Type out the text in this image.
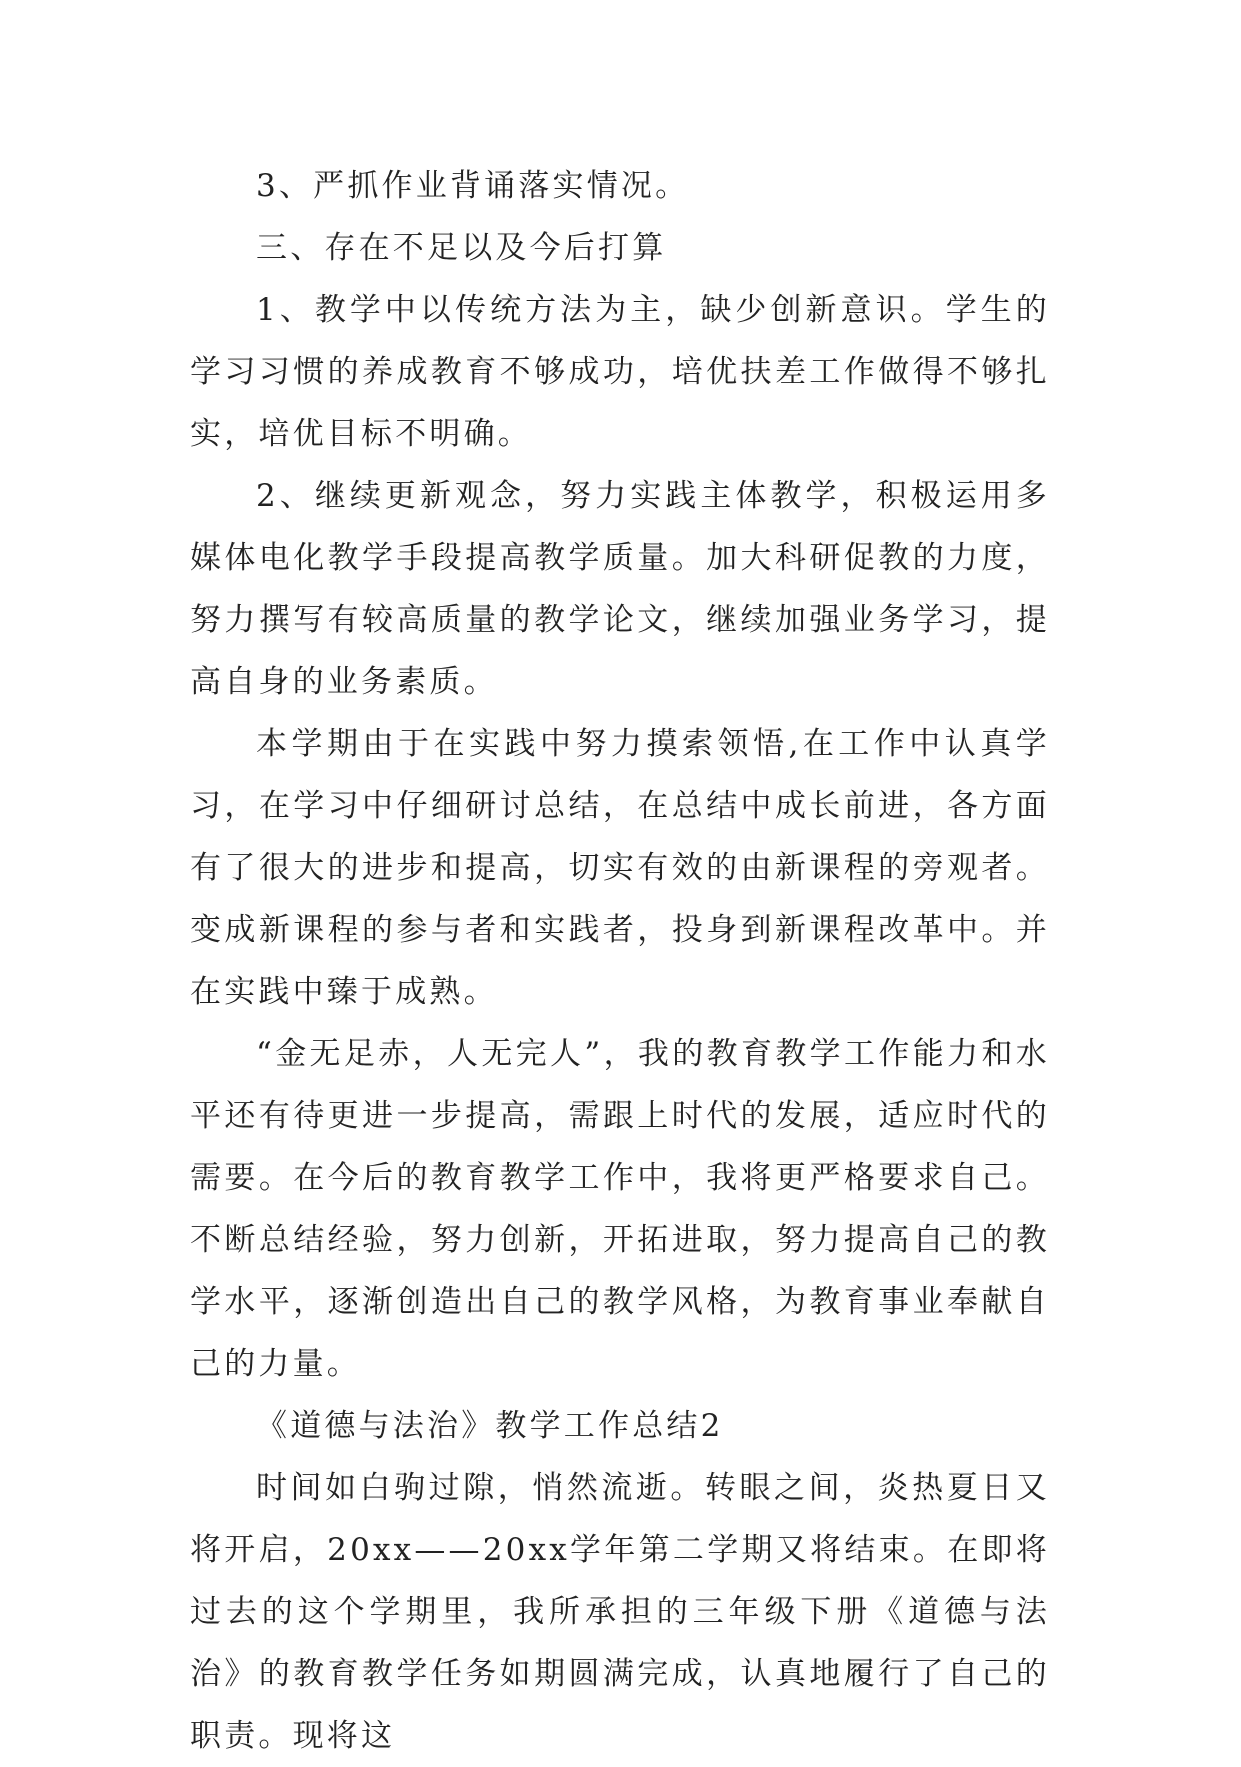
3、严抓作业背诵落实情况。

三、存在不足以及今后打算

1、教学中以传统方法为主，缺少创新意识。学生的学习习惯的养成教育不够成功，培优扶差工作做得不够扎实，培优目标不明确。

2、继续更新观念，努力实践主体教学，积极运用多媒体电化教学手段提高教学质量。加大科研促教的力度，努力撰写有较高质量的教学论文，继续加强业务学习，提高自身的业务素质。

本学期由于在实践中努力摸索领悟,在工作中认真学习，在学习中仔细研讨总结，在总结中成长前进，各方面有了很大的进步和提高，切实有效的由新课程的旁观者。变成新课程的参与者和实践者，投身到新课程改革中。并在实践中臻于成熟。

“金无足赤，人无完人”，我的教育教学工作能力和水平还有待更进一步提高，需跟上时代的发展，适应时代的需要。在今后的教育教学工作中，我将更严格要求自己。不断总结经验，努力创新，开拓进取，努力提高自己的教学水平，逐渐创造出自己的教学风格，为教育事业奉献自己的力量。

《道德与法治》教学工作总结2

时间如白驹过隙，悄然流逝。转眼之间，炎热夏日又将开启，20xx——20xx学年第二学期又将结束。在即将过去的这个学期里，我所承担的三年级下册《道德与法治》的教育教学任务如期圆满完成，认真地履行了自己的职责。现将这
